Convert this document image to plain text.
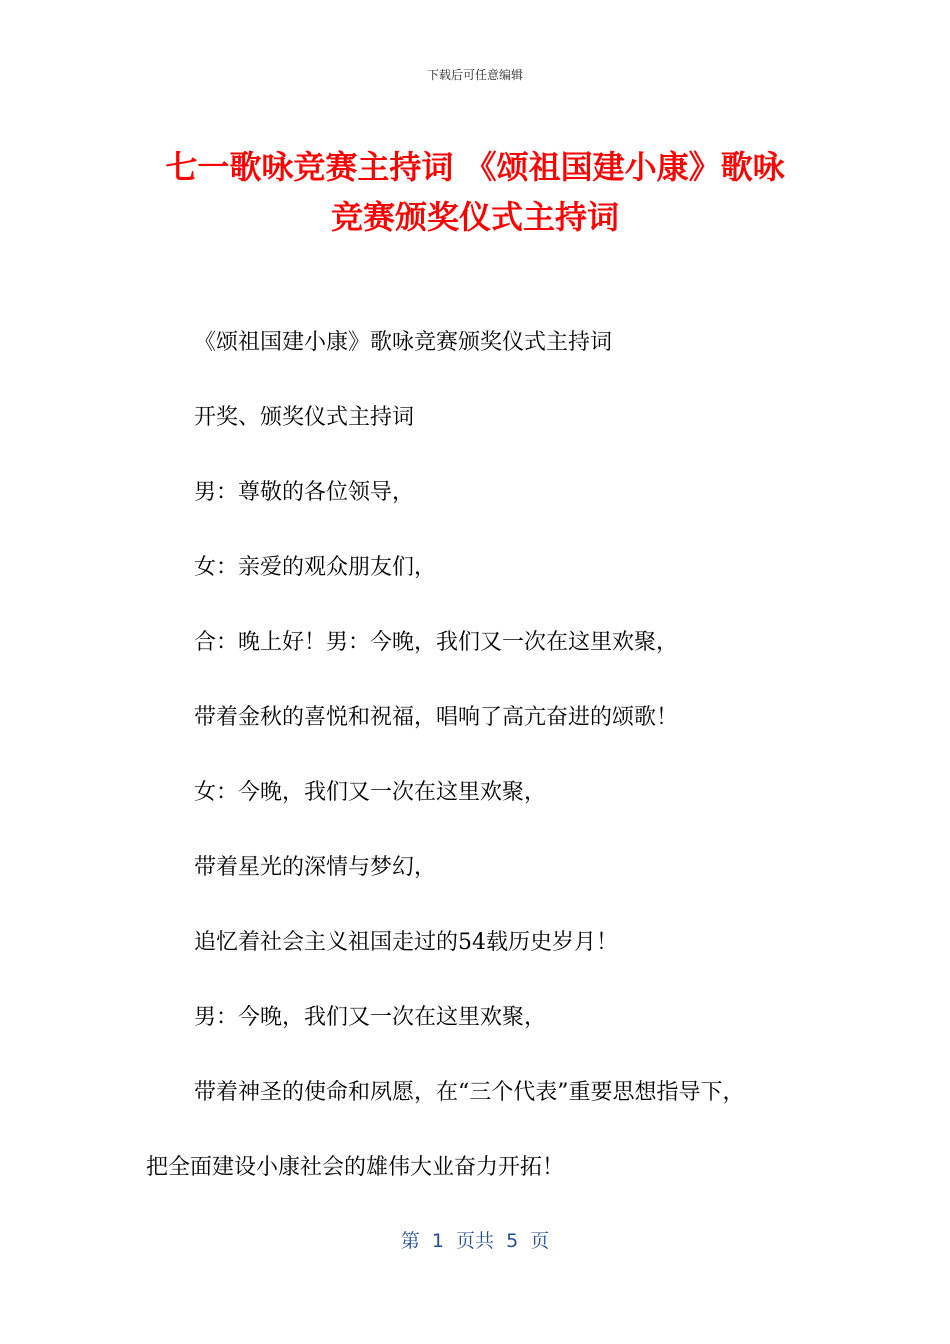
下载后可任意编辑
七一歌咏竞赛主持词 《颂祖国建小康》歌咏
竞赛颁奖仪式主持词
《颂祖国建小康》歌咏竞赛颁奖仪式主持词
开奖、颁奖仪式主持词
男：尊敬的各位领导，
女：亲爱的观众朋友们，
合：晚上好！男：今晚，我们又一次在这里欢聚，
带着金秋的喜悦和祝福，唱响了高亢奋进的颂歌！
女：今晚，我们又一次在这里欢聚，
带着星光的深情与梦幻，
追忆着社会主义祖国走过的54载历史岁月！
男：今晚，我们又一次在这里欢聚，
带着神圣的使命和夙愿，在“三个代表”重要思想指导下，
把全面建设小康社会的雄伟大业奋力开拓！
第  1  页共  5  页
